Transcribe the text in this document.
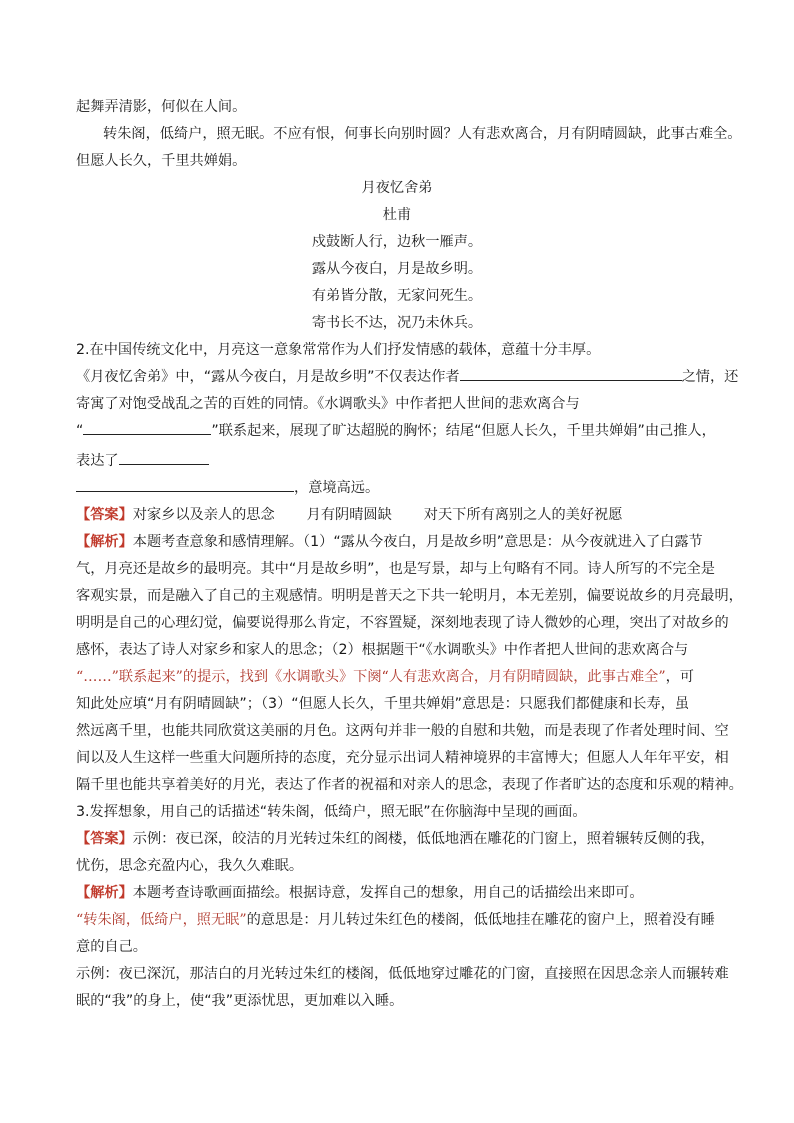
起舞弄清影，何似在人间。
转朱阁，低绮户，照无眠。不应有恨，何事长向别时圆？人有悲欢离合，月有阴晴圆缺，此事古难全。
但愿人长久，千里共婵娟。
月夜忆舍弟
杜甫
戍鼓断人行，边秋一雁声。
露从今夜白，月是故乡明。
有弟皆分散，无家问死生。
寄书长不达，况乃未休兵。
2.在中国传统文化中，月亮这一意象常常作为人们抒发情感的载体，意蕴十分丰厚。
《月夜忆舍弟》中，“露从今夜白，月是故乡明”不仅表达作者	之情，还
寄寓了对饱受战乱之苦的百姓的同情。《水调歌头》中作者把人世间的悲欢离合与
“	”联系起来，展现了旷达超脱的胸怀；结尾“但愿人长久，千里共婵娟”由己推人，
表达了
，意境高远。
【答案】对家乡以及亲人的思念 月有阴晴圆缺 对天下所有离别之人的美好祝愿
【解析】本题考查意象和感情理解。（1）“露从今夜白，月是故乡明”意思是：从今夜就进入了白露节
气，月亮还是故乡的最明亮。其中“月是故乡明”，也是写景，却与上句略有不同。诗人所写的不完全是
客观实景，而是融入了自己的主观感情。明明是普天之下共一轮明月，本无差别，偏要说故乡的月亮最明，
明明是自己的心理幻觉，偏要说得那么肯定，不容置疑，深刻地表现了诗人微妙的心理，突出了对故乡的
感怀，表达了诗人对家乡和家人的思念；（2）根据题干“《水调歌头》中作者把人世间的悲欢离合与
“……”联系起来”的提示，找到《水调歌头》下阕“人有悲欢离合，月有阴晴圆缺，此事古难全”，可
知此处应填“月有阴晴圆缺”；（3）“但愿人长久，千里共婵娟”意思是：只愿我们都健康和长寿，虽
然远离千里，也能共同欣赏这美丽的月色。这两句并非一般的自慰和共勉，而是表现了作者处理时间、空
间以及人生这样一些重大问题所持的态度，充分显示出词人精神境界的丰富博大；但愿人人年年平安，相
隔千里也能共享着美好的月光，表达了作者的祝福和对亲人的思念，表现了作者旷达的态度和乐观的精神。
3.发挥想象，用自己的话描述“转朱阁，低绮户，照无眠”在你脑海中呈现的画面。
【答案】示例：夜已深，皎洁的月光转过朱红的阁楼，低低地洒在雕花的门窗上，照着辗转反侧的我，
忧伤，思念充盈内心，我久久难眠。
【解析】本题考查诗歌画面描绘。根据诗意，发挥自己的想象，用自己的话描绘出来即可。
“转朱阁，低绮户，照无眠”的意思是：月儿转过朱红色的楼阁，低低地挂在雕花的窗户上，照着没有睡
意的自己。
示例：夜已深沉，那洁白的月光转过朱红的楼阁，低低地穿过雕花的门窗，直接照在因思念亲人而辗转难
眠的“我”的身上，使“我”更添忧思，更加难以入睡。
